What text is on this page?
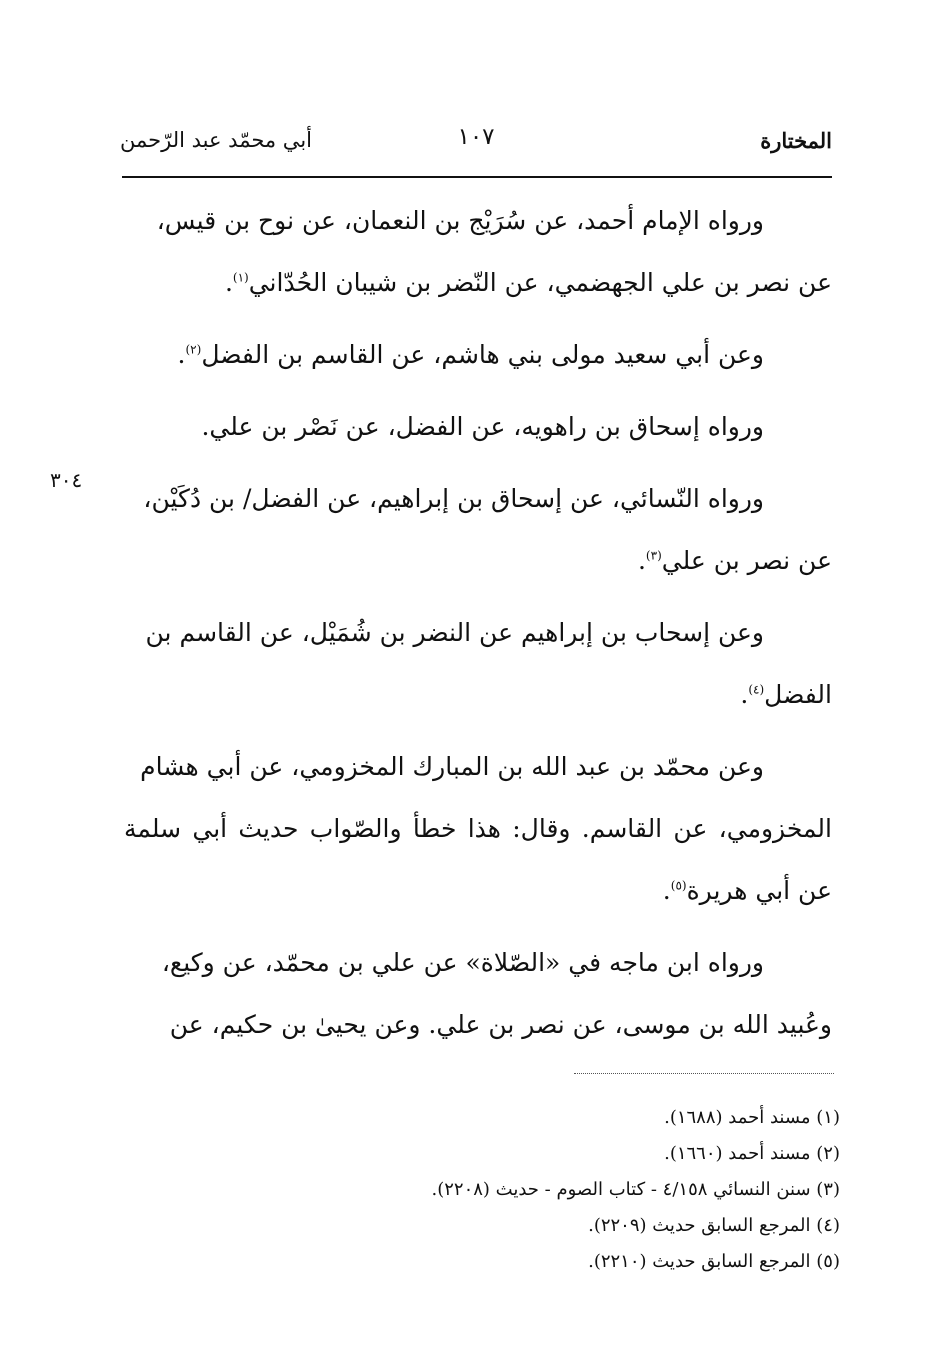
المختارة
١٠٧
أبي محمّد عبد الرّحمن
٣٠٤

ورواه الإمام أحمد، عن سُرَيْج بن النعمان، عن نوح بن قيس،
عن نصر بن علي الجهضمي، عن النّضر بن شيبان الحُدّاني$^{(١)}$.

وعن أبي سعيد مولى بني هاشم، عن القاسم بن الفضل$^{(٢)}$.

ورواه إسحاق بن راهويه، عن الفضل، عن نَصْر بن علي.

ورواه النّسائي، عن إسحاق بن إبراهيم، عن الفضل/ بن دُكَيْن،
عن نصر بن علي$^{(٣)}$.

وعن إسحاب بن إبراهيم عن النضر بن شُمَيْل، عن القاسم بن
الفضل$^{(٤)}$.

وعن محمّد بن عبد الله بن المبارك المخزومي، عن أبي هشام
المخزومي، عن القاسم. وقال: هذا خطأ والصّواب حديث أبي سلمة عن أبي هريرة$^{(٥)}$.

ورواه ابن ماجه في «الصّلاة» عن علي بن محمّد، عن وكيع،
وعُبيد الله بن موسى، عن نصر بن علي. وعن يحيىٰ بن حكيم، عن

(١) مسند أحمد (١٦٨٨).
(٢) مسند أحمد (١٦٦٠).
(٣) سنن النسائي ٤/١٥٨ - كتاب الصوم - حديث (٢٢٠٨).
(٤) المرجع السابق حديث (٢٢٠٩).
(٥) المرجع السابق حديث (٢٢١٠).
